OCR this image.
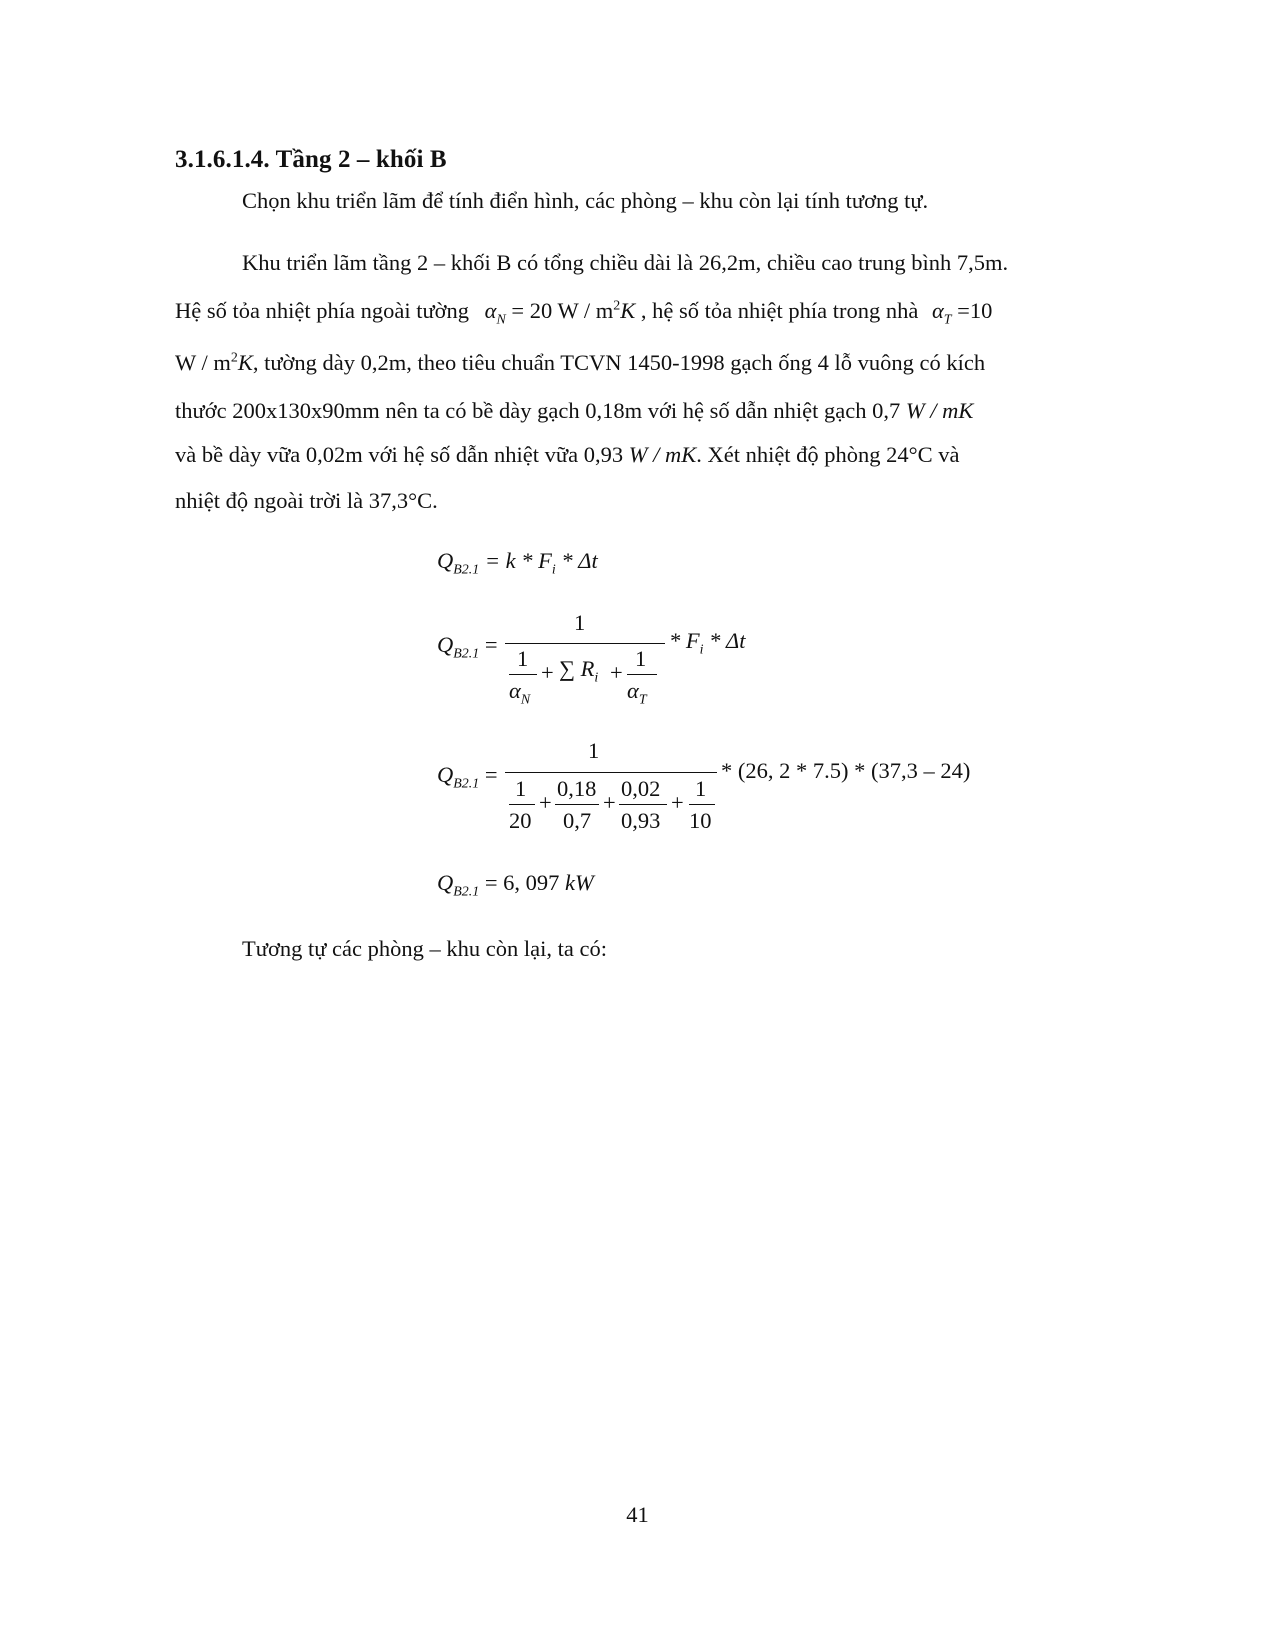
3.1.6.1.4. Tầng 2 – khối B
Chọn khu triển lãm để tính điển hình, các phòng – khu còn lại tính tương tự.
Khu triển lãm tầng 2 – khối B có tổng chiều dài là 26,2m, chiều cao trung bình 7,5m.
Hệ số tỏa nhiệt phía ngoài tường $\alpha_N = 20$ W / $m^2K$ , hệ số tỏa nhiệt phía trong nhà $\alpha_T =10$
W / $m^2K$, tường dày 0,2m, theo tiêu chuẩn TCVN 1450-1998 gạch ống 4 lỗ vuông có kích
thước 200x130x90mm nên ta có bề dày gạch 0,18m với hệ số dẫn nhiệt gạch 0,7 W / mK
và bề dày vữa 0,02m với hệ số dẫn nhiệt vữa 0,93 W / mK. Xét nhiệt độ phòng 24°C và
nhiệt độ ngoài trời là 37,3°C.
$Q_{B2.1} = k * F_i * \Delta t$
$Q_{B2.1}$ =
1
1
$\alpha_N$
+ ∑ $R_i$ +
1
$\alpha_T$
* $F_i$ * Δt
$Q_{B2.1}$ =
1
1
20
+
0,18
0,7
+
0,02
0,93
+
1
10
* (26, 2 * 7.5) * (37,3 – 24)
$Q_{B2.1} = 6$, 097 kW
Tương tự các phòng – khu còn lại, ta có:
41
